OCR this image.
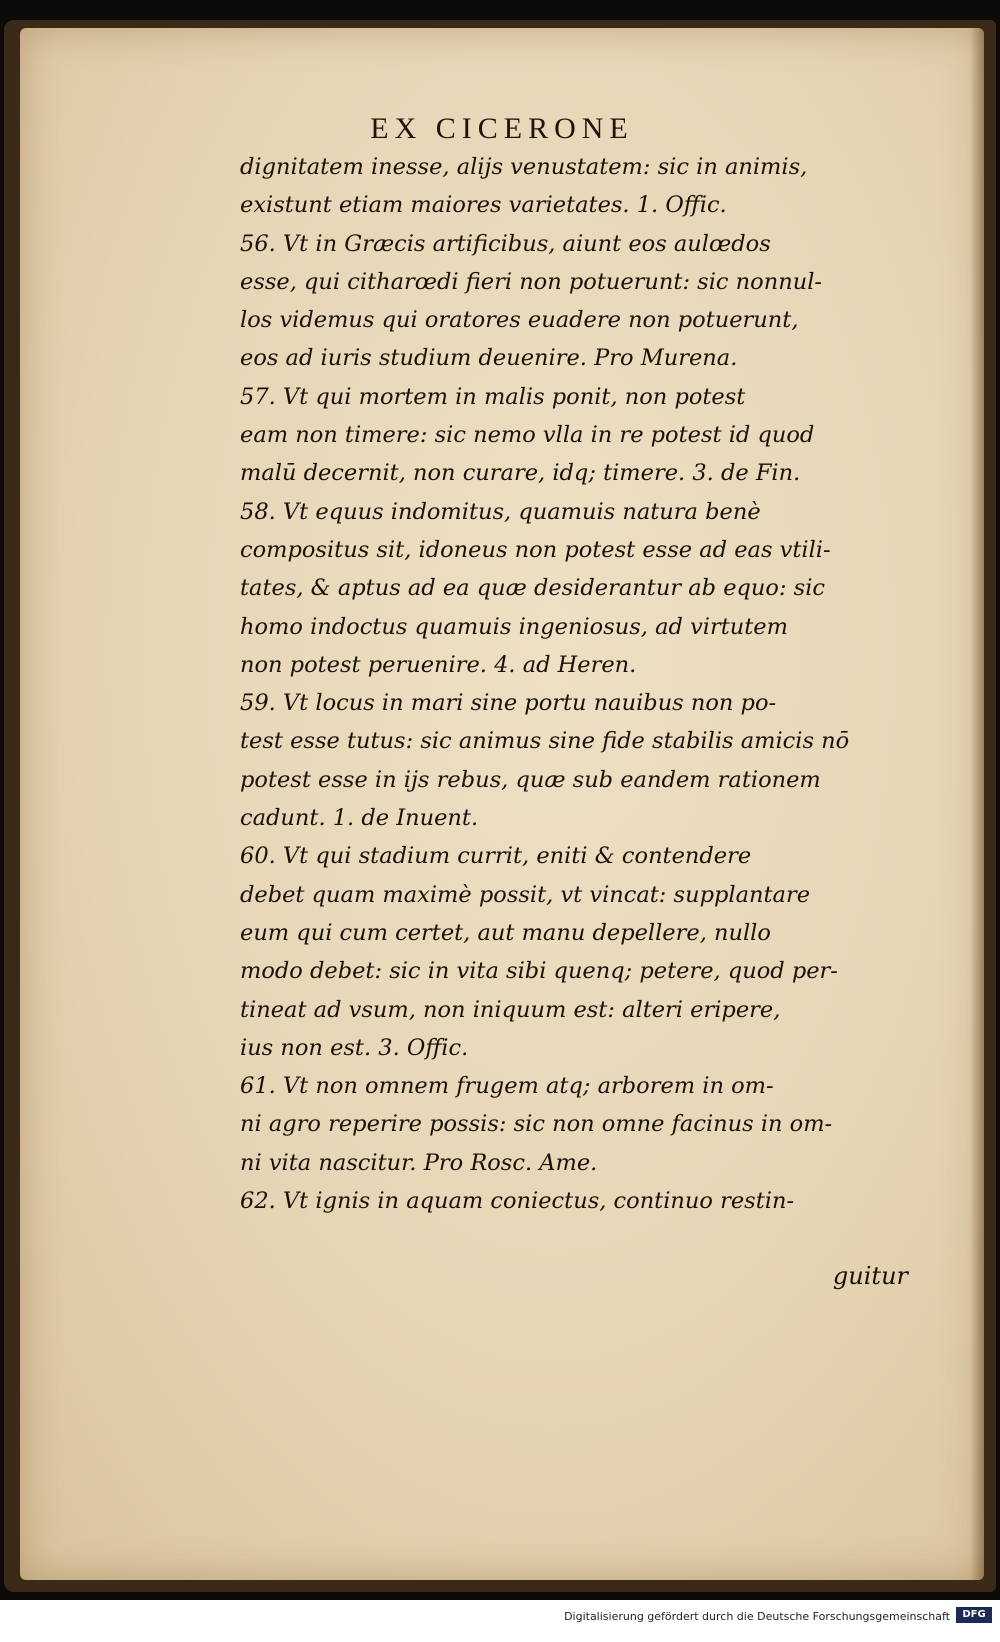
EX CICERONE
dignitatem inesse, alijs venustatem: sic in animis,
existunt etiam maiores varietates. 1. Offic.
56. Vt in Græcis artificibus, aiunt eos aulœdos
esse, qui citharœdi fieri non potuerunt: sic nonnul-
los videmus qui oratores euadere non potuerunt,
eos ad iuris studium deuenire. Pro Murena.
57. Vt qui mortem in malis ponit, non potest
eam non timere: sic nemo vlla in re potest id quod
malū decernit, non curare, idq; timere. 3. de Fin.
58. Vt equus indomitus, quamuis natura benè
compositus sit, idoneus non potest esse ad eas vtili-
tates, & aptus ad ea quæ desiderantur ab equo: sic
homo indoctus quamuis ingeniosus, ad virtutem
non potest peruenire. 4. ad Heren.
59. Vt locus in mari sine portu nauibus non po-
test esse tutus: sic animus sine fide stabilis amicis nō
potest esse in ijs rebus, quæ sub eandem rationem
cadunt. 1. de Inuent.
60. Vt qui stadium currit, eniti & contendere
debet quam maximè possit, vt vincat: supplantare
eum qui cum certet, aut manu depellere, nullo
modo debet: sic in vita sibi quenq; petere, quod per-
tineat ad vsum, non iniquum est: alteri eripere,
ius non est. 3. Offic.
61. Vt non omnem frugem atq; arborem in om-
ni agro reperire possis: sic non omne facinus in om-
ni vita nascitur. Pro Rosc. Ame.
62. Vt ignis in aquam coniectus, continuo restin-
guitur
Digitalisierung gefördert durch die Deutsche Forschungsgemeinschaft	DFG
